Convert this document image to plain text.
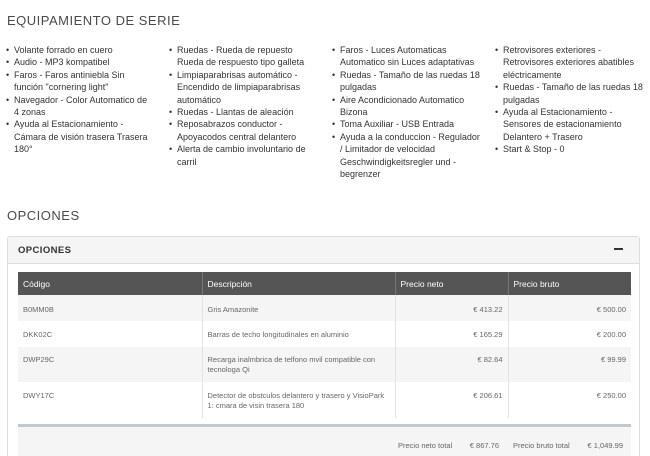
EQUIPAMIENTO DE SERIE
• Volante forrado en cuero
• Audio - MP3 kompatibel
• Faros - Faros antiniebla Sin función "cornering light"
• Navegador - Color Automatico de 4 zonas
• Ayuda al Estacionamiento - Cámara de visión trasera Trasera 180°
• Ruedas - Rueda de repuesto Rueda de respuesto tipo galleta
• Limpiaparabrisas automático - Encendido de limpiaparabrisas automático
• Ruedas - Llantas de aleación
• Reposabrazos conductor - Apoyacodos central delantero
• Alerta de cambio involuntario de carril
• Faros - Luces Automaticas Automatico sin Luces adaptativas
• Ruedas - Tamaño de las ruedas 18 pulgadas
• Aire Acondicionado Automatico Bizona
• Toma Auxiliar - USB Entrada
• Ayuda a la conduccion - Regulador / Limitador de velocidad Geschwindigkeitsregler und -begrenzer
• Retrovisores exteriores - Retrovisores exteriores abatibles eléctricamente
• Ruedas - Tamaño de las ruedas 18 pulgadas
• Ayuda al Estacionamiento - Sensores de estacionamiento Delantero + Trasero
• Start & Stop - 0
OPCIONES
OPCIONES
Código	Descripción	Precio neto	Precio bruto
B0MM0B	Gris Amazonite	€ 413.22	€ 500.00
DKK02C	Barras de techo longitudinales en aluminio	€ 165.29	€ 200.00
DWP29C	Recarga inalmbrica de telfono mvil compatible con tecnologa Qi	€ 82.64	€ 99.99
DWY17C	Detector de obstculos delantero y trasero y VisioPark 1: cmara de visin trasera 180	€ 206.61	€ 250.00
Precio neto total € 867.76 Precio bruto total € 1,049.99
